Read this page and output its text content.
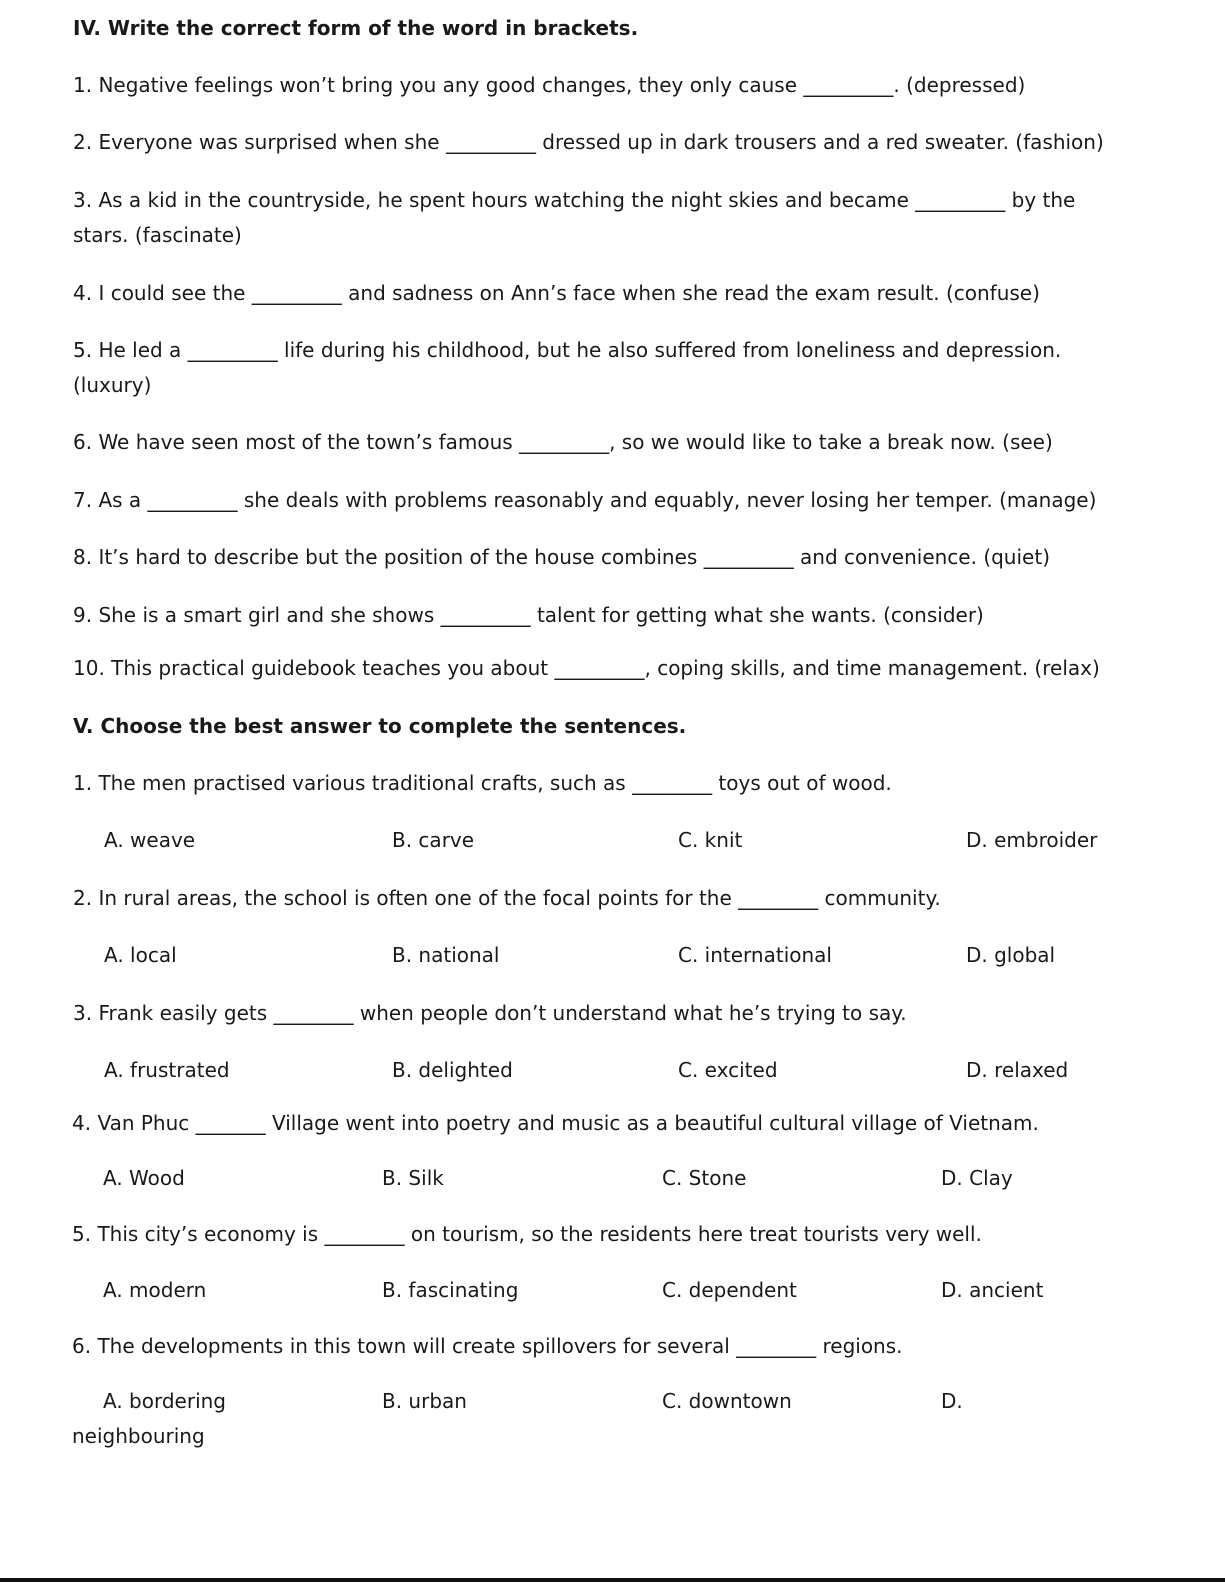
IV. Write the correct form of the word in brackets.
1. Negative feelings won’t bring you any good changes, they only cause _________. (depressed)
2. Everyone was surprised when she _________ dressed up in dark trousers and a red sweater. (fashion)
3. As a kid in the countryside, he spent hours watching the night skies and became _________ by the
stars. (fascinate)
4. I could see the _________ and sadness on Ann’s face when she read the exam result. (confuse)
5. He led a _________ life during his childhood, but he also suffered from loneliness and depression.
(luxury)
6. We have seen most of the town’s famous _________, so we would like to take a break now. (see)
7. As a _________ she deals with problems reasonably and equably, never losing her temper. (manage)
8. It’s hard to describe but the position of the house combines _________ and convenience. (quiet)
9. She is a smart girl and she shows _________ talent for getting what she wants. (consider)
10. This practical guidebook teaches you about _________, coping skills, and time management. (relax)
V. Choose the best answer to complete the sentences.
1. The men practised various traditional crafts, such as ________ toys out of wood.
A. weave	B. carve	C. knit	D. embroider
2. In rural areas, the school is often one of the focal points for the ________ community.
A. local	B. national	C. international	D. global
3. Frank easily gets ________ when people don’t understand what he’s trying to say.
A. frustrated	B. delighted	C. excited	D. relaxed
4. Van Phuc _______ Village went into poetry and music as a beautiful cultural village of Vietnam.
A. Wood	B. Silk	C. Stone	D. Clay
5. This city’s economy is ________ on tourism, so the residents here treat tourists very well.
A. modern	B. fascinating	C. dependent	D. ancient
6. The developments in this town will create spillovers for several ________ regions.
A. bordering	B. urban	C. downtown	D.
neighbouring
